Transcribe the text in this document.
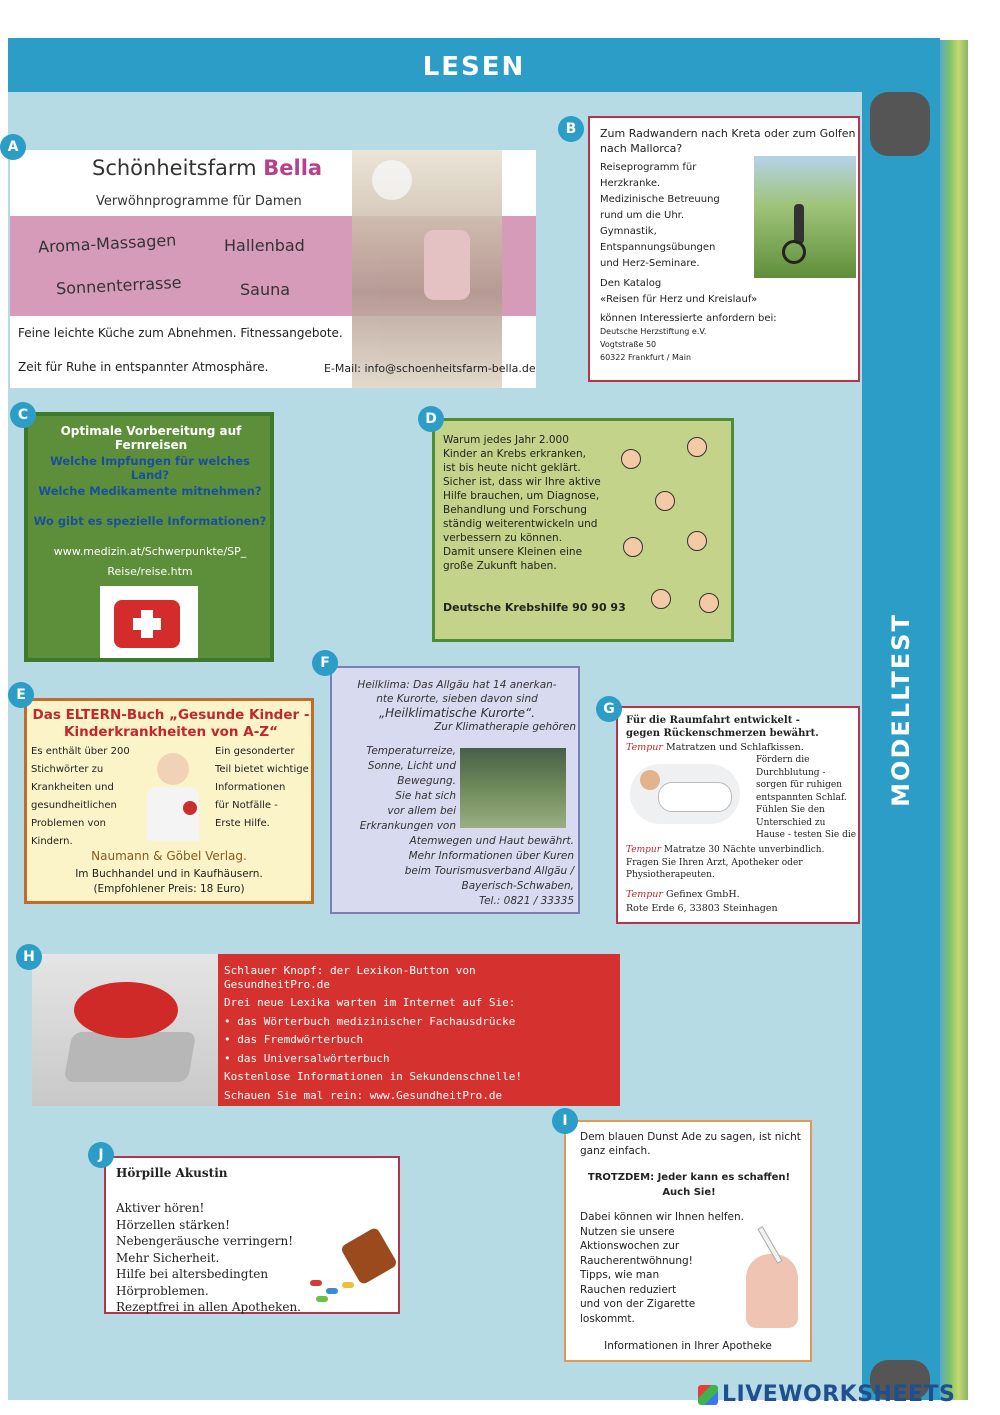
LESEN
MODELLTEST
Schönheitsfarm Bella
Verwöhnprogramme für Damen
Aroma-Massagen	Hallenbad
Sonnenterrasse	Sauna
Feine leichte Küche zum Abnehmen. Fitnessangebote.
Zeit für Ruhe in entspannter Atmosphäre.	E-Mail: info@schoenheitsfarm-bella.de
A
Zum Radwandern nach Kreta oder zum Golfen nach Mallorca?
Reiseprogramm für
Herzkranke.
Medizinische Betreuung
rund um die Uhr.
Gymnastik,
Entspannungsübungen
und Herz-Seminare.
Den Katalog
«Reisen für Herz und Kreislauf»
können Interessierte anfordern bei:
Deutsche Herzstiftung e.V.
Vogtstraße 50
60322 Frankfurt / Main
B
Optimale Vorbereitung auf Fernreisen
Welche Impfungen für welches Land?
Welche Medikamente mitnehmen?
Wo gibt es spezielle Informationen?
www.medizin.at/Schwerpunkte/SP_
Reise/reise.htm
C
Warum jedes Jahr 2.000
Kinder an Krebs erkranken,
ist bis heute nicht geklärt.
Sicher ist, dass wir Ihre aktive
Hilfe brauchen, um Diagnose,
Behandlung und Forschung
ständig weiterentwickeln und
verbessern zu können.
Damit unsere Kleinen eine
große Zukunft haben.
Deutsche Krebshilfe 90 90 93
D
Das ELTERN-Buch „Gesunde Kinder -
Kinderkrankheiten von A-Z“
Es enthält über 200
Stichwörter zu
Krankheiten und
gesundheitlichen
Problemen von
Kindern.
Ein gesonderter
Teil bietet wichtige
Informationen
für Notfälle -
Erste Hilfe.
Naumann & Göbel Verlag.
Im Buchhandel und in Kaufhäusern.
(Empfohlener Preis: 18 Euro)
E
Heilklima: Das Allgäu hat 14 anerkan-
nte Kurorte, sieben davon sind
„Heilklimatische Kurorte“.
Zur Klimatherapie gehören
Temperaturreize,
Sonne, Licht und
Bewegung.
Sie hat sich
vor allem bei
Erkrankungen von
Atemwegen und Haut bewährt.
Mehr Informationen über Kuren
beim Tourismusverband Allgäu /
Bayerisch-Schwaben,
Tel.: 0821 / 33335
F
Für die Raumfahrt entwickelt -
gegen Rückenschmerzen bewährt.
Tempur Matratzen und Schlafkissen.
Fördern die
Durchblutung -
sorgen für ruhigen
entspannten Schlaf.
Fühlen Sie den
Unterschied zu
Hause - testen Sie die
Tempur Matratze 30 Nächte unverbindlich.
Fragen Sie Ihren Arzt, Apotheker oder
Physiotherapeuten.
Tempur Gefinex GmbH.
Rote Erde 6, 33803 Steinhagen
G
Schlauer Knopf: der Lexikon-Button von
GesundheitPro.de
Drei neue Lexika warten im Internet auf Sie:
• das Wörterbuch medizinischer Fachausdrücke
• das Fremdwörterbuch
• das Universalwörterbuch
Kostenlose Informationen in Sekundenschnelle!
Schauen Sie mal rein: www.GesundheitPro.de
H
Dem blauen Dunst Ade zu sagen, ist nicht
ganz einfach.
TROTZDEM: Jeder kann es schaffen!
Auch Sie!
Dabei können wir Ihnen helfen.
Nutzen sie unsere
Aktionswochen zur
Raucherentwöhnung!
Tipps, wie man
Rauchen reduziert
und von der Zigarette
loskommt.
Informationen in Ihrer Apotheke
I
Hörpille Akustin
Aktiver hören!
Hörzellen stärken!
Nebengeräusche verringern!
Mehr Sicherheit.
Hilfe bei altersbedingten
Hörproblemen.
Rezeptfrei in allen Apotheken.
J
LIVEWORKSHEETS
